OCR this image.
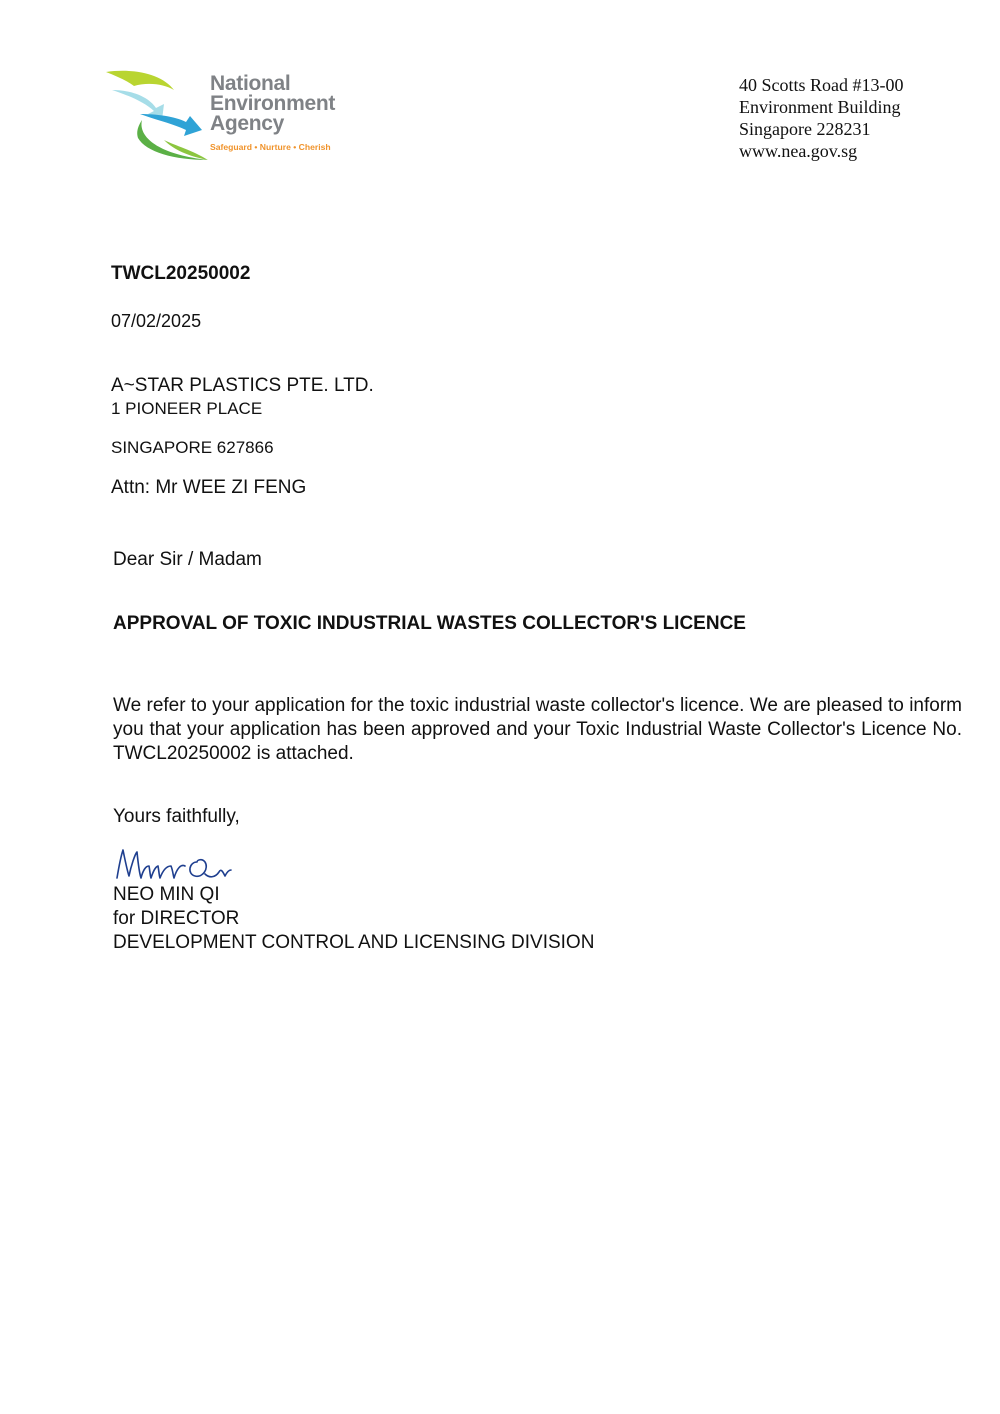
National
Environment
Agency
Safeguard • Nurture • Cherish
40 Scotts Road #13-00
Environment Building
Singapore 228231
www.nea.gov.sg
TWCL20250002
07/02/2025
A~STAR PLASTICS PTE. LTD.
1 PIONEER PLACE
SINGAPORE 627866
Attn: Mr WEE ZI FENG
Dear Sir / Madam
APPROVAL OF TOXIC INDUSTRIAL WASTES COLLECTOR'S LICENCE
We refer to your application for the toxic industrial waste collector's licence. We are pleased to inform you that your application has been approved and your Toxic Industrial Waste Collector's Licence No. TWCL20250002 is attached.
Yours faithfully,
NEO MIN QI
for DIRECTOR
DEVELOPMENT CONTROL AND LICENSING DIVISION
